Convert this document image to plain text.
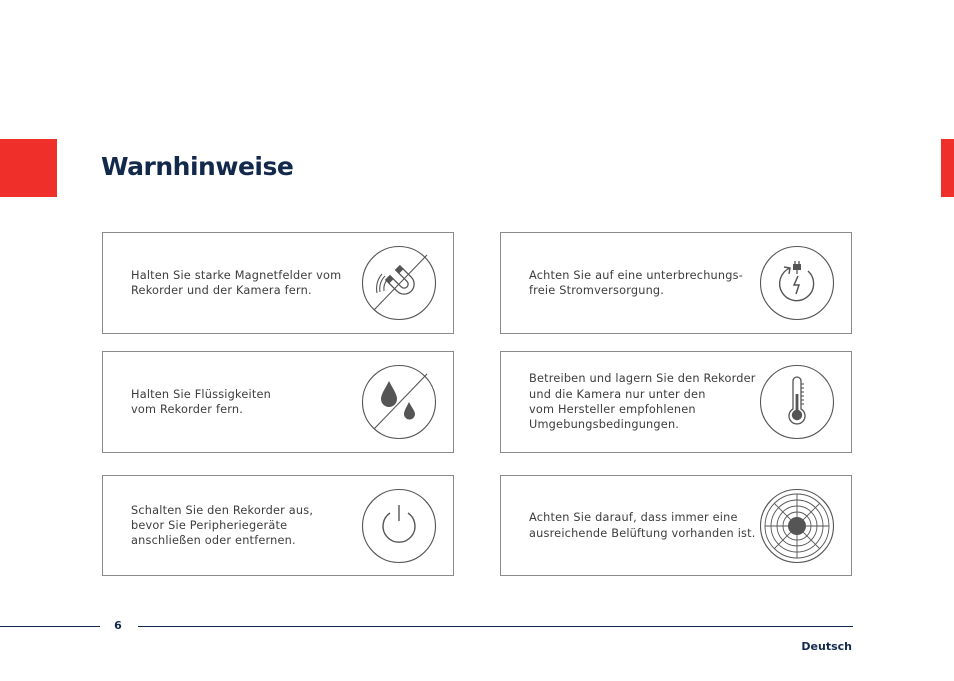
Warnhinweise
Halten Sie starke Magnetfelder vom
Rekorder und der Kamera fern.
Achten Sie auf eine unterbrechungs-
freie Stromversorgung.
Halten Sie Flüssigkeiten
vom Rekorder fern.
Betreiben und lagern Sie den Rekorder
und die Kamera nur unter den
vom Hersteller empfohlenen
Umgebungsbedingungen.
Schalten Sie den Rekorder aus,
bevor Sie Peripheriegeräte
anschließen oder entfernen.
Achten Sie darauf, dass immer eine
ausreichende Belüftung vorhanden ist.
6
Deutsch
